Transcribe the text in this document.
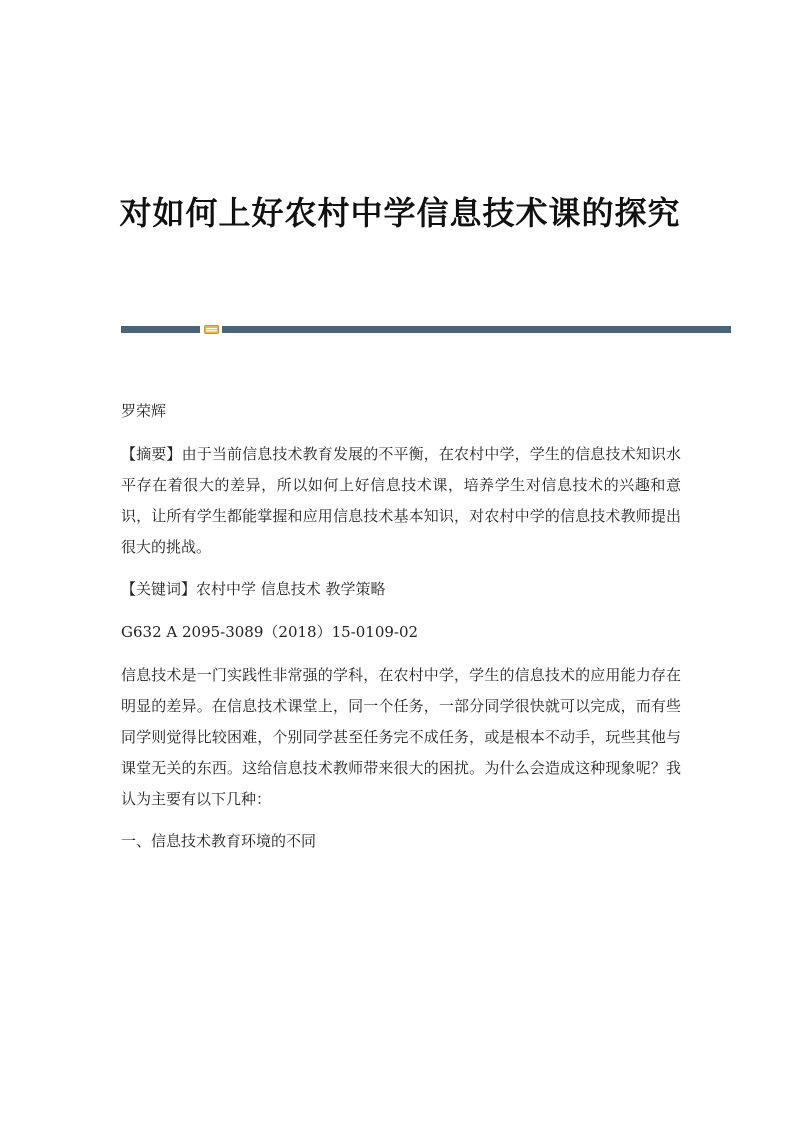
对如何上好农村中学信息技术课的探究

罗荣辉

【摘要】由于当前信息技术教育发展的不平衡，在农村中学，学生的信息技术知识水平存在着很大的差异，所以如何上好信息技术课，培养学生对信息技术的兴趣和意识，让所有学生都能掌握和应用信息技术基本知识，对农村中学的信息技术教师提出很大的挑战。

【关键词】农村中学 信息技术 教学策略

G632 A 2095-3089（2018）15-0109-02

信息技术是一门实践性非常强的学科，在农村中学，学生的信息技术的应用能力存在明显的差异。在信息技术课堂上，同一个任务，一部分同学很快就可以完成，而有些同学则觉得比较困难，个别同学甚至任务完不成任务，或是根本不动手，玩些其他与课堂无关的东西。这给信息技术教师带来很大的困扰。为什么会造成这种现象呢？我认为主要有以下几种：

一、信息技术教育环境的不同
